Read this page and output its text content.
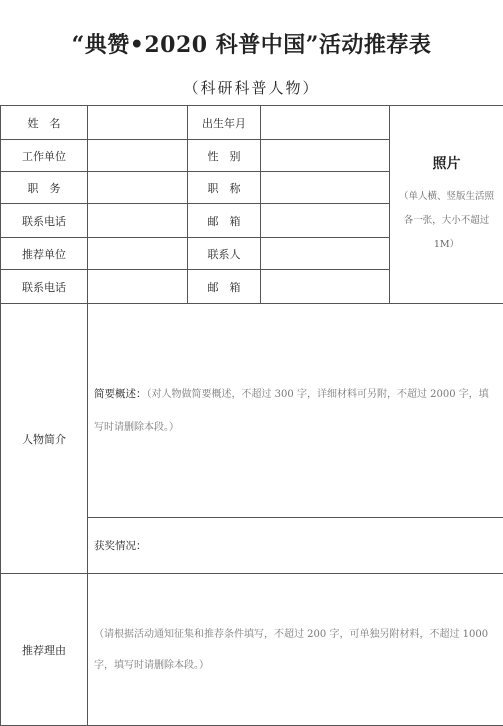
“典赞•2020 科普中国”活动推荐表
（科研科普人物）
姓　名		出生年月		照片
（单人横、竖版生活照各一张，大小不超过 1M）

工作单位		性　别		
职　务		职　称		
联系电话		邮　箱		
推荐单位		联系人		
联系电话		邮　箱		
人物简介	简要概述：（对人物做简要概述，不超过 300 字，详细材料可另附，不超过 2000 字，填写时请删除本段。）			

	获奖情况：			

推荐理由	（请根据活动通知征集和推荐条件填写，不超过 200 字，可单独另附材料，不超过 1000 字，填写时请删除本段。）			
